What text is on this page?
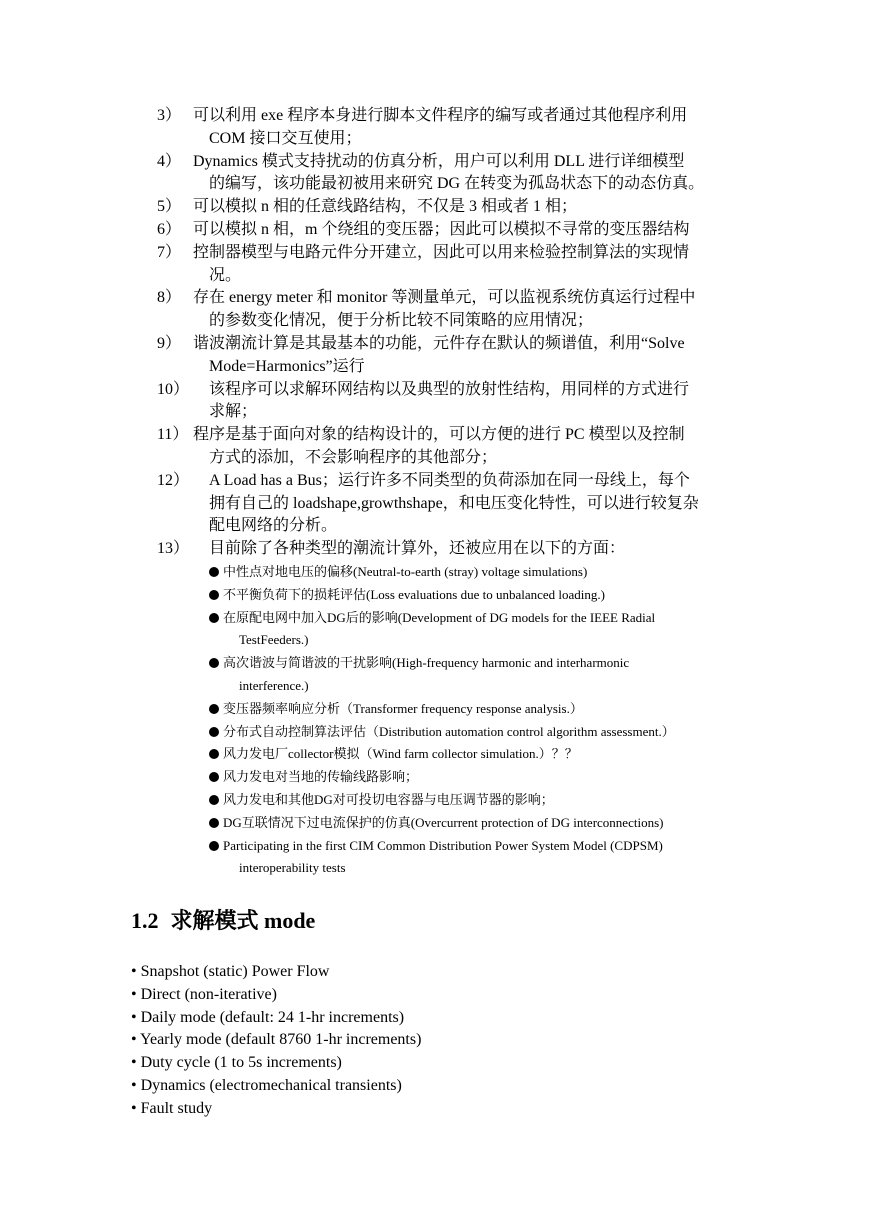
3） 可以利用 exe 程序本身进行脚本文件程序的编写或者通过其他程序利用
COM 接口交互使用；
4） Dynamics 模式支持扰动的仿真分析，用户可以利用 DLL 进行详细模型
的编写，该功能最初被用来研究 DG 在转变为孤岛状态下的动态仿真。
5） 可以模拟 n 相的任意线路结构，不仅是 3 相或者 1 相；
6） 可以模拟 n 相，m 个绕组的变压器；因此可以模拟不寻常的变压器结构
7） 控制器模型与电路元件分开建立，因此可以用来检验控制算法的实现情
况。
8） 存在 energy meter 和 monitor 等测量单元，可以监视系统仿真运行过程中
的参数变化情况，便于分析比较不同策略的应用情况；
9） 谐波潮流计算是其最基本的功能，元件存在默认的频谱值，利用“Solve
Mode=Harmonics”运行
10）	该程序可以求解环网结构以及典型的放射性结构，用同样的方式进行
求解；
11） 程序是基于面向对象的结构设计的，可以方便的进行 PC 模型以及控制
方式的添加，不会影响程序的其他部分；
12）	A Load has a Bus；运行许多不同类型的负荷添加在同一母线上，每个
拥有自己的 loadshape,growthshape，和电压变化特性，可以进行较复杂
配电网络的分析。
13）	目前除了各种类型的潮流计算外，还被应用在以下的方面：
中性点对地电压的偏移(Neutral-to-earth (stray) voltage simulations)
不平衡负荷下的损耗评估(Loss evaluations due to unbalanced loading.)
在原配电网中加入DG后的影响(Development of DG models for the IEEE Radial
TestFeeders.)
高次谐波与简谐波的干扰影响(High-frequency harmonic and interharmonic
interference.)
变压器频率响应分析（Transformer frequency response analysis.）
分布式自动控制算法评估（Distribution automation control algorithm assessment.）
风力发电厂collector模拟（Wind farm collector simulation.）？？
风力发电对当地的传输线路影响；
风力发电和其他DG对可投切电容器与电压调节器的影响；
DG互联情况下过电流保护的仿真(Overcurrent protection of DG interconnections)
Participating in the first CIM Common Distribution Power System Model (CDPSM)
interoperability tests
1.2 求解模式 mode
• Snapshot (static) Power Flow
• Direct (non-iterative)
• Daily mode (default: 24 1-hr increments)
• Yearly mode (default 8760 1-hr increments)
• Duty cycle (1 to 5s increments)
• Dynamics (electromechanical transients)
• Fault study
